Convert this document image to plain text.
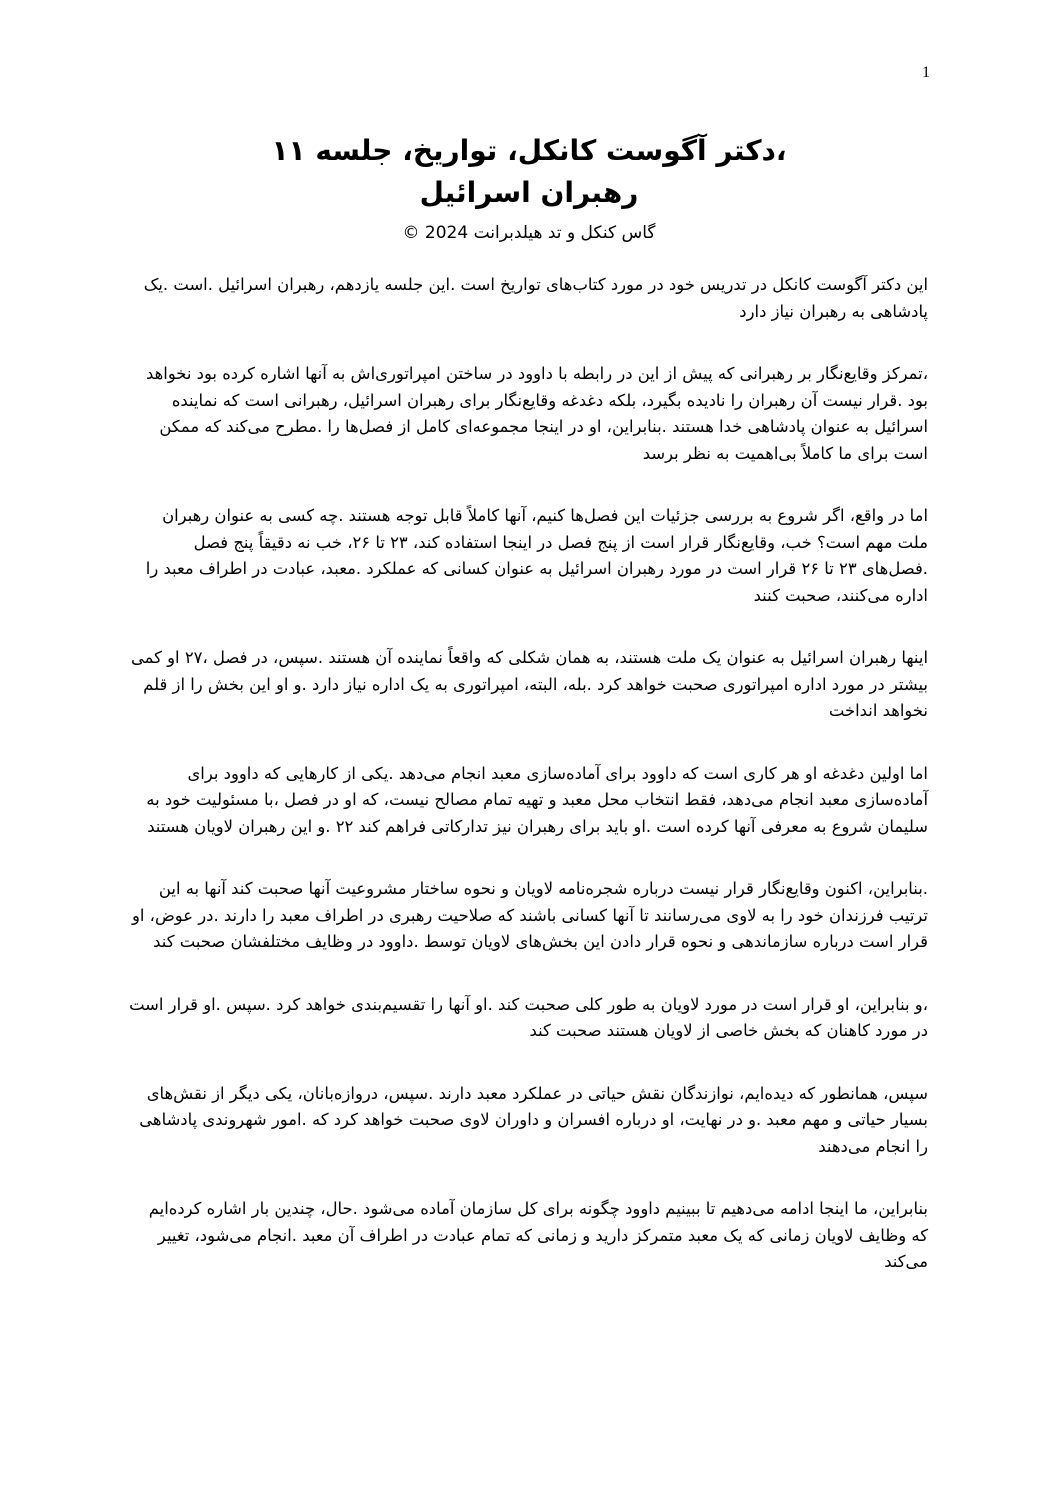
1
،دکتر آگوست کانکل، تواریخ، جلسه ۱۱
رهبران اسرائیل
گاس کنکل و تد هیلدبرانت 2024 ©

این دکتر آگوست کانکل در تدریس خود در مورد کتاب‌های تواریخ است .این جلسه یازدهم، رهبران اسرائیل .است .یک پادشاهی به رهبران نیاز دارد

،تمرکز وقایع‌نگار بر رهبرانی که پیش از این در رابطه با داوود در ساختن امپراتوری‌اش به آنها اشاره کرده بود نخواهد بود .قرار نیست آن رهبران را نادیده بگیرد، بلکه دغدغه وقایع‌نگار برای رهبران اسرائیل، رهبرانی است که نماینده اسرائیل به عنوان پادشاهی خدا هستند .بنابراین، او در اینجا مجموعه‌ای کامل از فصل‌ها را .مطرح می‌کند که ممکن است برای ما کاملاً بی‌اهمیت به نظر برسد

اما در واقع، اگر شروع به بررسی جزئیات این فصل‌ها کنیم، آنها کاملاً قابل توجه هستند .چه کسی به عنوان رهبران ملت مهم است؟ خب، وقایع‌نگار قرار است از پنج فصل در اینجا استفاده کند، ۲۳ تا ۲۶، خب نه دقیقاً پنج فصل .فصل‌های ۲۳ تا ۲۶ قرار است در مورد رهبران اسرائیل به عنوان کسانی که عملکرد .معبد، عبادت در اطراف معبد را اداره می‌کنند، صحبت کنند

اینها رهبران اسرائیل به عنوان یک ملت هستند، به همان شکلی که واقعاً نماینده آن هستند .سپس، در فصل ،۲۷ او کمی بیشتر در مورد اداره امپراتوری صحبت خواهد کرد .بله، البته، امپراتوری به یک اداره نیاز دارد .و او این بخش را از قلم نخواهد انداخت

اما اولین دغدغه او هر کاری است که داوود برای آماده‌سازی معبد انجام می‌دهد .یکی از کارهایی که داوود برای آماده‌سازی معبد انجام می‌دهد، فقط انتخاب محل معبد و تهیه تمام مصالح نیست، که او در فصل ،با مسئولیت خود به سلیمان شروع به معرفی آنها کرده است .او باید برای رهبران نیز تدارکاتی فراهم کند ۲۲ .و این رهبران لاویان هستند

.بنابراین، اکنون وقایع‌نگار قرار نیست درباره شجره‌نامه لاویان و نحوه ساختار مشروعیت آنها صحبت کند آنها به این ترتیب فرزندان خود را به لاوی می‌رسانند تا آنها کسانی باشند که صلاحیت رهبری در اطراف معبد را دارند .در عوض، او قرار است درباره سازماندهی و نحوه قرار دادن این بخش‌های لاویان توسط .داوود در وظایف مختلفشان صحبت کند

،و بنابراین، او قرار است در مورد لاویان به طور کلی صحبت کند .او آنها را تقسیم‌بندی خواهد کرد .سپس .او قرار است در مورد کاهنان که بخش خاصی از لاویان هستند صحبت کند

سپس، همانطور که دیده‌ایم، نوازندگان نقش حیاتی در عملکرد معبد دارند .سپس، دروازه‌بانان، یکی دیگر از نقش‌های بسیار حیاتی و مهم معبد .و در نهایت، او درباره افسران و داوران لاوی صحبت خواهد کرد که .امور شهروندی پادشاهی را انجام می‌دهند

بنابراین، ما اینجا ادامه می‌دهیم تا ببینیم داوود چگونه برای کل سازمان آماده می‌شود .حال، چندین بار اشاره کرده‌ایم که وظایف لاویان زمانی که یک معبد متمرکز دارید و زمانی که تمام عبادت در اطراف آن معبد .انجام می‌شود، تغییر می‌کند
